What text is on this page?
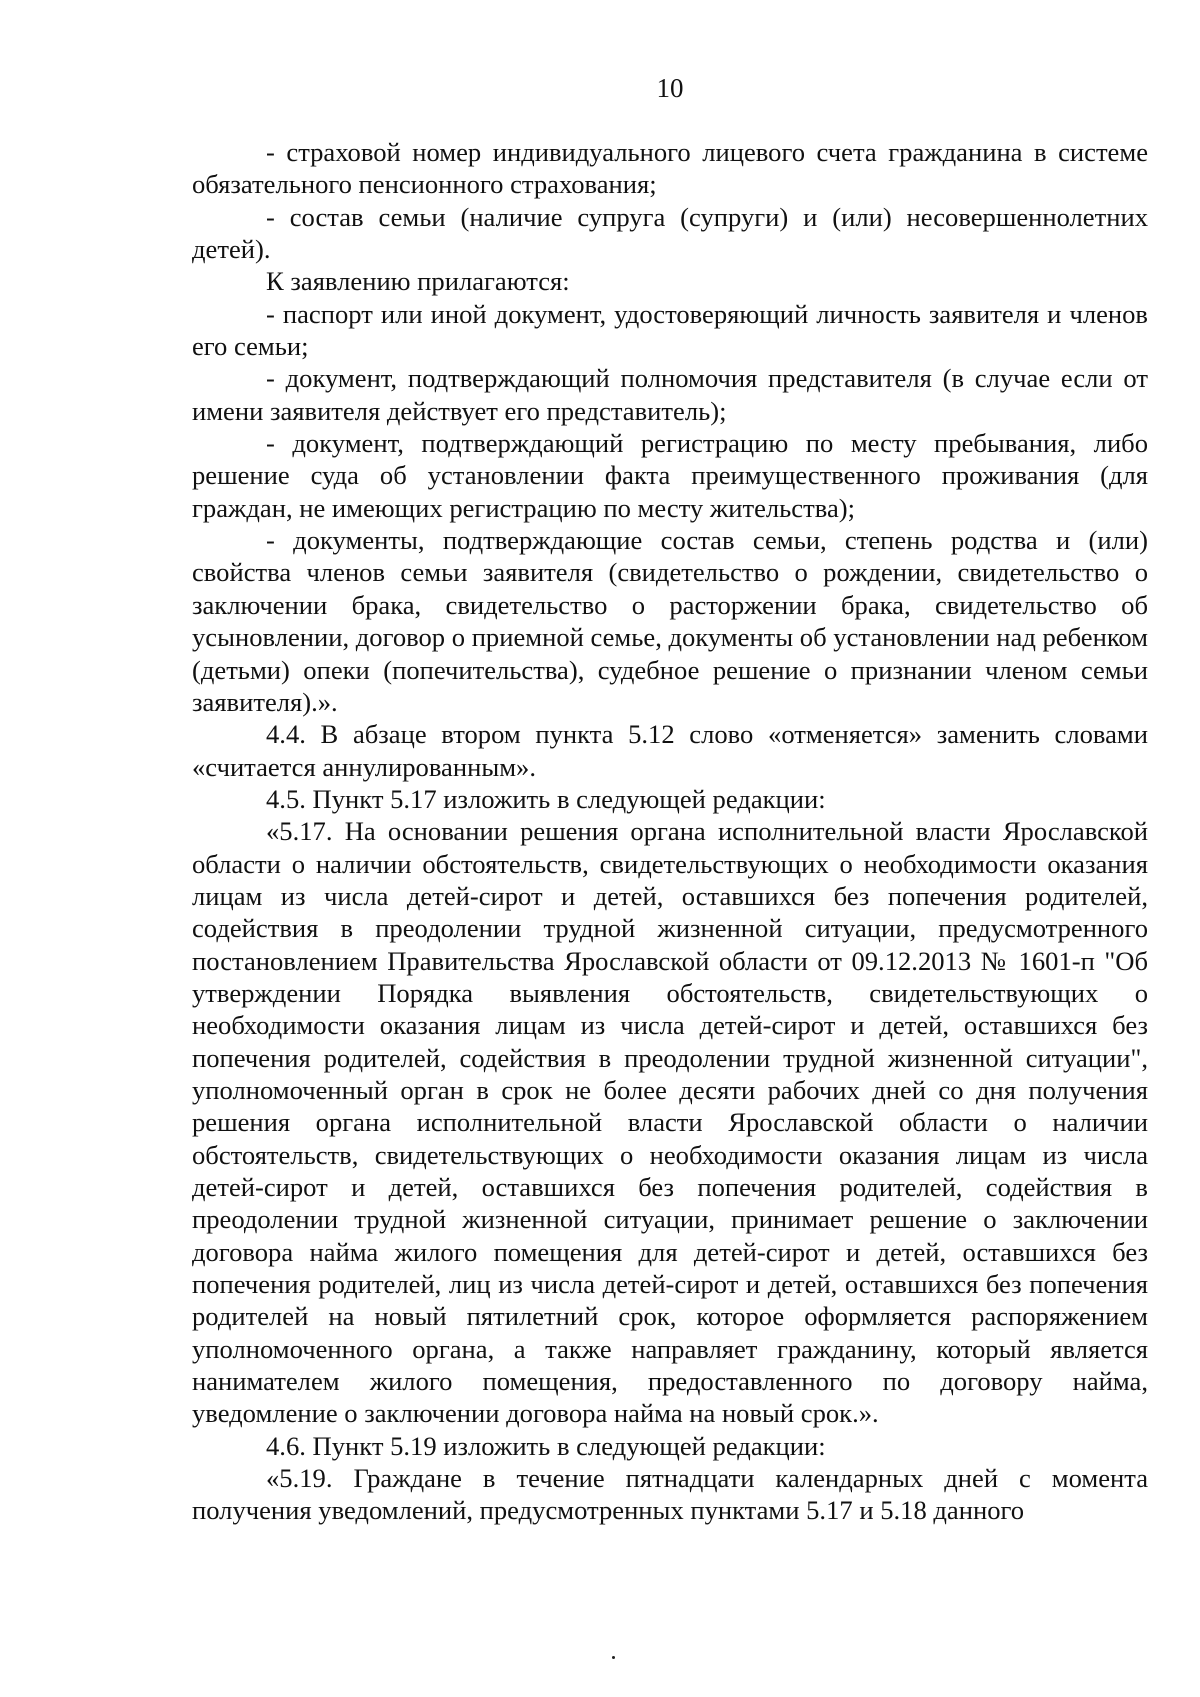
10

- страховой номер индивидуального лицевого счета гражданина в системе обязательного пенсионного страхования;

- состав семьи (наличие супруга (супруги) и (или) несовершеннолетних детей).

К заявлению прилагаются:

- паспорт или иной документ, удостоверяющий личность заявителя и членов его семьи;

- документ, подтверждающий полномочия представителя (в случае если от имени заявителя действует его представитель);

- документ, подтверждающий регистрацию по месту пребывания, либо решение суда об установлении факта преимущественного проживания (для граждан, не имеющих регистрацию по месту жительства);

- документы, подтверждающие состав семьи, степень родства и (или) свойства членов семьи заявителя (свидетельство о рождении, свидетельство о заключении брака, свидетельство о расторжении брака, свидетельство об усыновлении, договор о приемной семье, документы об установлении над ребенком (детьми) опеки (попечительства), судебное решение о признании членом семьи заявителя).».

4.4. В абзаце втором пункта 5.12 слово «отменяется» заменить словами «считается аннулированным».

4.5. Пункт 5.17 изложить в следующей редакции:

«5.17. На основании решения органа исполнительной власти Ярославской области о наличии обстоятельств, свидетельствующих о необходимости оказания лицам из числа детей-сирот и детей, оставшихся без попечения родителей, содействия в преодолении трудной жизненной ситуации, предусмотренного постановлением Правительства Ярославской области от 09.12.2013 № 1601-п "Об утверждении Порядка выявления обстоятельств, свидетельствующих о необходимости оказания лицам из числа детей-сирот и детей, оставшихся без попечения родителей, содействия в преодолении трудной жизненной ситуации", уполномоченный орган в срок не более десяти рабочих дней со дня получения решения органа исполнительной власти Ярославской области о наличии обстоятельств, свидетельствующих о необходимости оказания лицам из числа детей-сирот и детей, оставшихся без попечения родителей, содействия в преодолении трудной жизненной ситуации, принимает решение о заключении договора найма жилого помещения для детей-сирот и детей, оставшихся без попечения родителей, лиц из числа детей-сирот и детей, оставшихся без попечения родителей на новый пятилетний срок, которое оформляется распоряжением уполномоченного органа, а также направляет гражданину, который является нанимателем жилого помещения, предоставленного по договору найма, уведомление о заключении договора найма на новый срок.».

4.6. Пункт 5.19 изложить в следующей редакции:

«5.19. Граждане в течение пятнадцати календарных дней с момента получения уведомлений, предусмотренных пунктами 5.17 и 5.18 данного
